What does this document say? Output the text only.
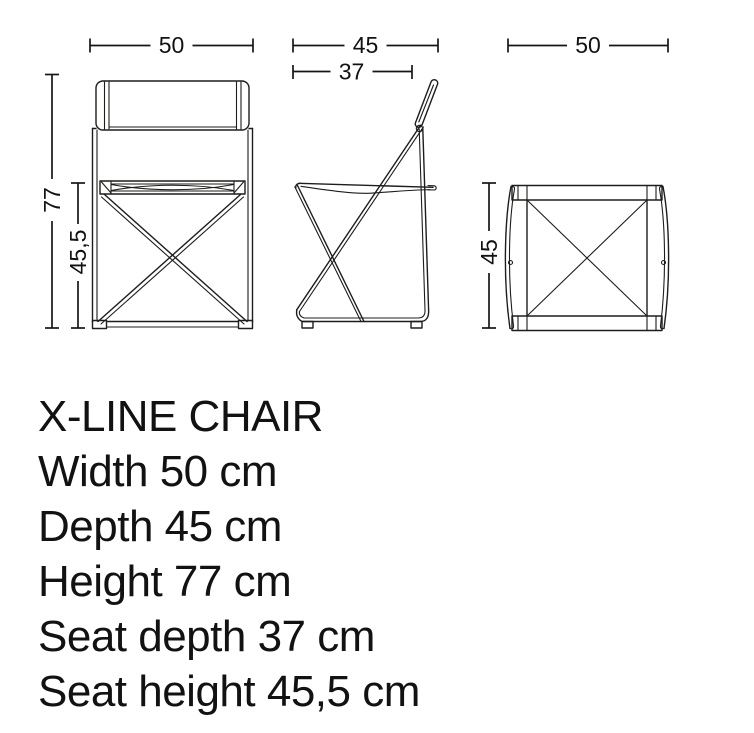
50
77
45,5
45
37
50
45
X-LINE CHAIR
Width 50 cm
Depth 45 cm
Height 77 cm
Seat depth 37 cm
Seat height 45,5 cm
